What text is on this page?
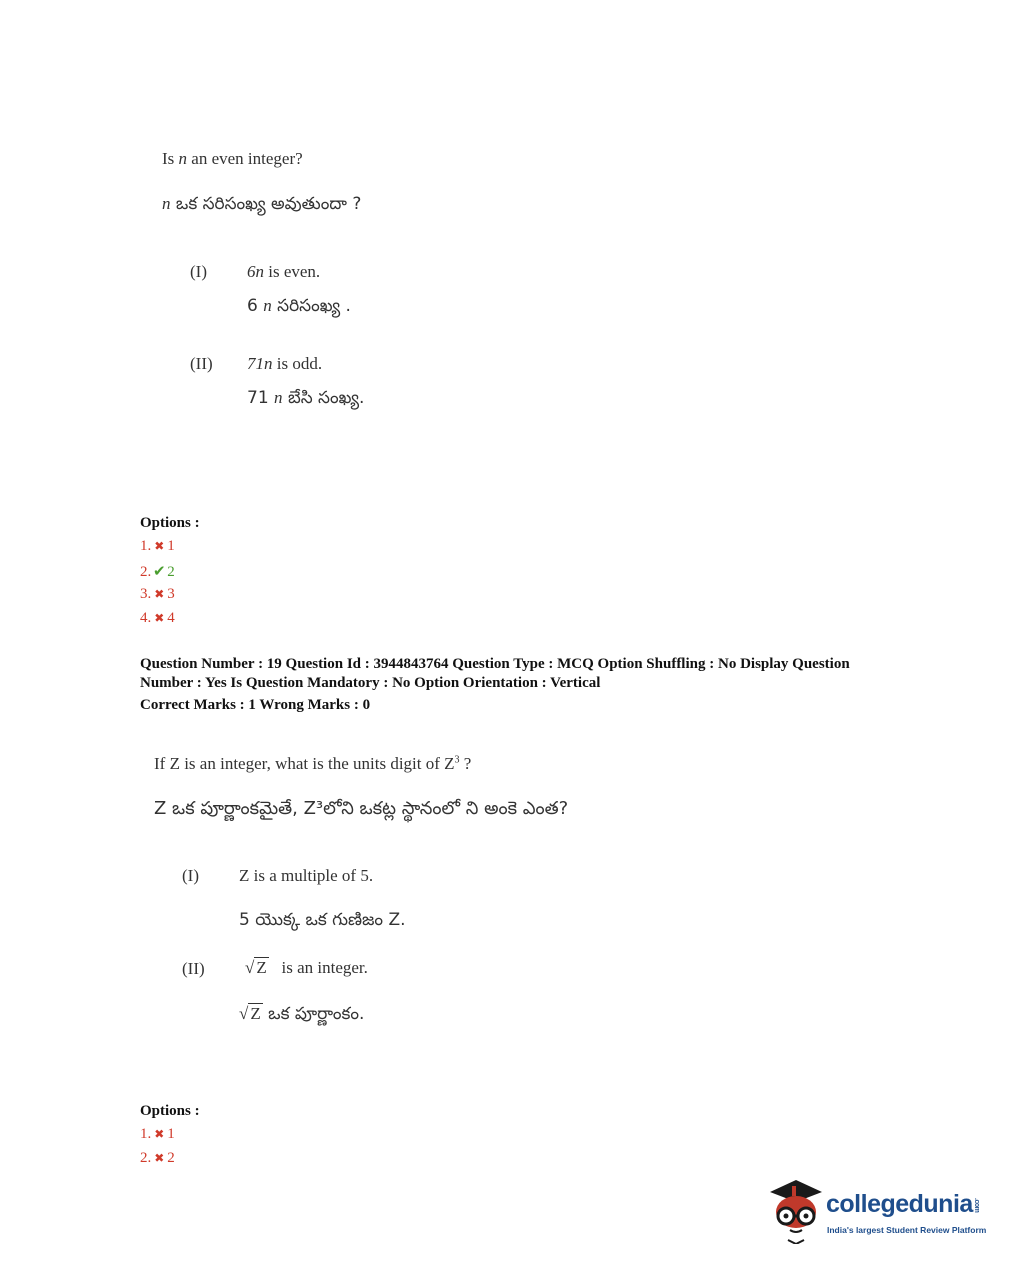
Is n an even integer?
n ఒక సరిసంఖ్య అవుతుందా ?
(I) 6n is even.
6 n సరిసంఖ్య .
(II) 71n is odd.
71 n బేసి సంఖ్య.
Options :
1. ✖ 1
2. ✔ 2
3. ✖ 3
4. ✖ 4
Question Number : 19 Question Id : 3944843764 Question Type : MCQ Option Shuffling : No Display Question
Number : Yes Is Question Mandatory : No Option Orientation : Vertical
Correct Marks : 1 Wrong Marks : 0
If Z is an integer, what is the units digit of $Z^3$ ?
Z ఒక పూర్ణాంకమైతే, Z³లోని ఒకట్ల స్థానంలో ని అంకె ఎంత?
(I) Z is a multiple of 5.
5 యొక్క ఒక గుణిజం Z.
(II) √ Z is an integer.
√ Z ఒక పూర్ణాంకం.
Options :
1. ✖ 1
2. ✖ 2
collegedunia.com
India's largest Student Review Platform
